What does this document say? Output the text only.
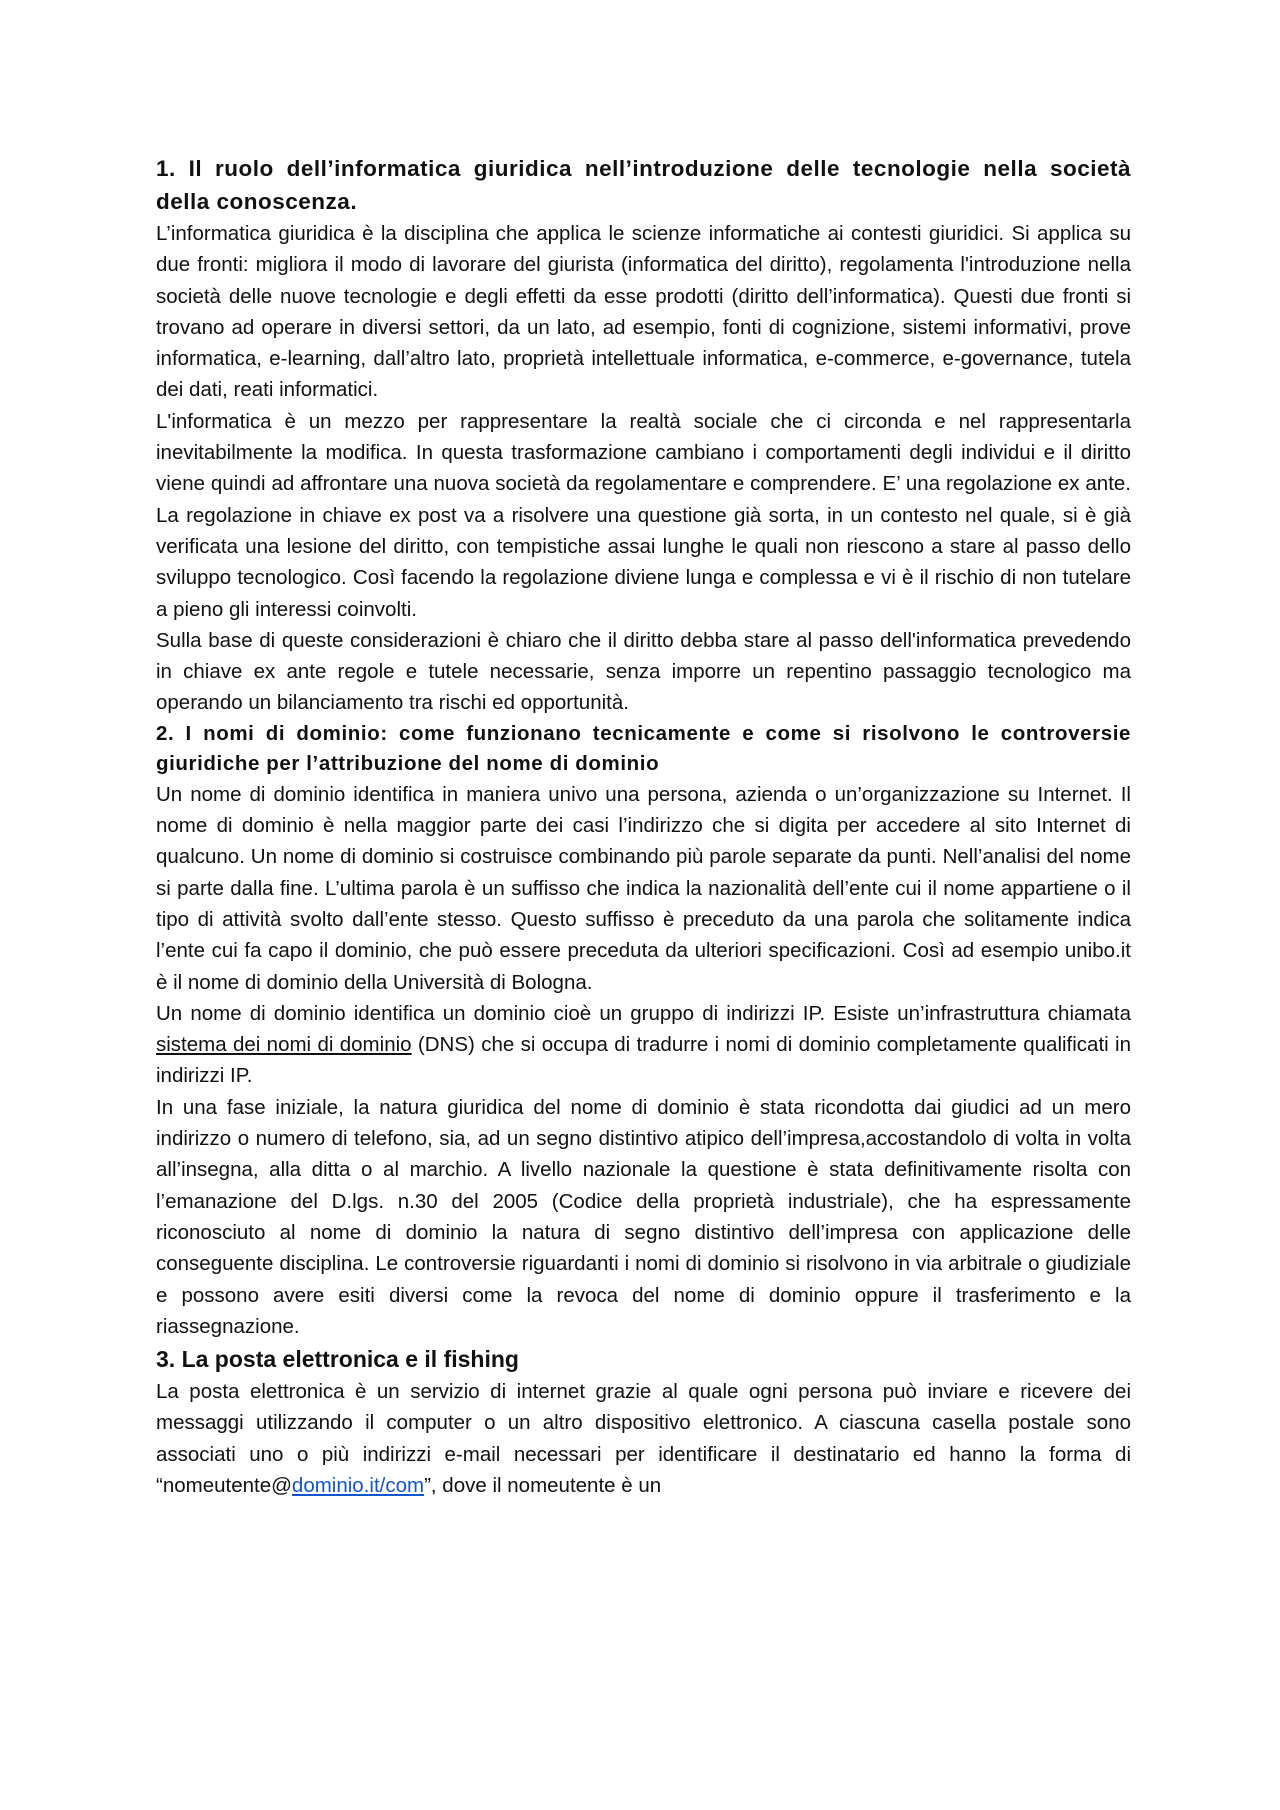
1. Il ruolo dell’informatica giuridica nell’introduzione delle tecnologie nella società della conoscenza.

L’informatica giuridica è la disciplina che applica le scienze informatiche ai contesti giuridici. Si applica su due fronti: migliora il modo di lavorare del giurista (informatica del diritto), regolamenta l'introduzione nella società delle nuove tecnologie e degli effetti da esse prodotti (diritto dell’informatica). Questi due fronti si trovano ad operare in diversi settori, da un lato, ad esempio, fonti di cognizione, sistemi informativi, prove informatica, e-learning, dall’altro lato, proprietà intellettuale informatica, e-commerce, e-governance, tutela dei dati, reati informatici.

L'informatica è un mezzo per rappresentare la realtà sociale che ci circonda e nel rappresentarla inevitabilmente la modifica. In questa trasformazione cambiano i comportamenti degli individui e il diritto viene quindi ad affrontare una nuova società da regolamentare e comprendere. E’ una regolazione ex ante. La regolazione in chiave ex post va a risolvere una questione già sorta, in un contesto nel quale, si è già verificata una lesione del diritto, con tempistiche assai lunghe le quali non riescono a stare al passo dello sviluppo tecnologico. Così facendo la regolazione diviene lunga e complessa e vi è il rischio di non tutelare a pieno gli interessi coinvolti.

Sulla base di queste considerazioni è chiaro che il diritto debba stare al passo dell'informatica prevedendo in chiave ex ante regole e tutele necessarie, senza imporre un repentino passaggio tecnologico ma operando un bilanciamento tra rischi ed opportunità.

2. I nomi di dominio: come funzionano tecnicamente e come si risolvono le controversie giuridiche per l’attribuzione del nome di dominio

Un nome di dominio identifica in maniera univo una persona, azienda o un’organizzazione su Internet. Il nome di dominio è nella maggior parte dei casi l’indirizzo che si digita per accedere al sito Internet di qualcuno. Un nome di dominio si costruisce combinando più parole separate da punti. Nell’analisi del nome si parte dalla fine. L’ultima parola è un suffisso che indica la nazionalità dell’ente cui il nome appartiene o il tipo di attività svolto dall’ente stesso. Questo suffisso è preceduto da una parola che solitamente indica l’ente cui fa capo il dominio, che può essere preceduta da ulteriori specificazioni. Così ad esempio unibo.it è il nome di dominio della Università di Bologna.

Un nome di dominio identifica un dominio cioè un gruppo di indirizzi IP. Esiste un’infrastruttura chiamata sistema dei nomi di dominio (DNS) che si occupa di tradurre i nomi di dominio completamente qualificati in indirizzi IP.

In una fase iniziale, la natura giuridica del nome di dominio è stata ricondotta dai giudici ad un mero indirizzo o numero di telefono, sia, ad un segno distintivo atipico dell’impresa,accostandolo di volta in volta all’insegna, alla ditta o al marchio. A livello nazionale la questione è stata definitivamente risolta con l’emanazione del D.lgs. n.30 del 2005 (Codice della proprietà industriale), che ha espressamente riconosciuto al nome di dominio la natura di segno distintivo dell’impresa con applicazione delle conseguente disciplina. Le controversie riguardanti i nomi di dominio si risolvono in via arbitrale o giudiziale e possono avere esiti diversi come la revoca del nome di dominio oppure il trasferimento e la riassegnazione.

3. La posta elettronica e il fishing

La posta elettronica è un servizio di internet grazie al quale ogni persona può inviare e ricevere dei messaggi utilizzando il computer o un altro dispositivo elettronico. A ciascuna casella postale sono associati uno o più indirizzi e-mail necessari per identificare il destinatario ed hanno la forma di “nomeutente@dominio.it/com”, dove il nomeutente è un
